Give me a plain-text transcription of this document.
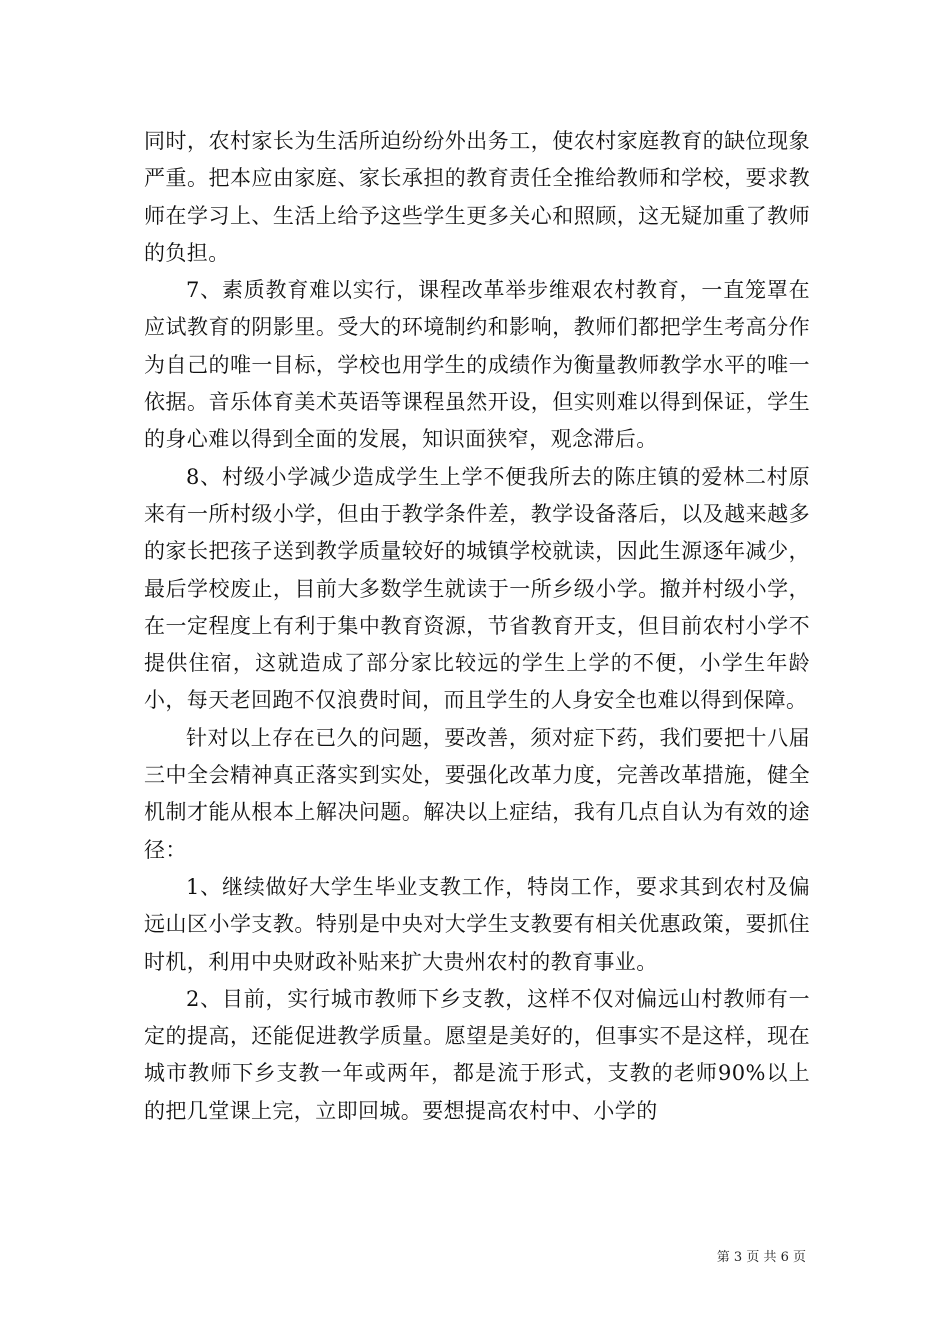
同时，农村家长为生活所迫纷纷外出务工，使农村家庭教育的缺位现象严重。把本应由家庭、家长承担的教育责任全推给教师和学校，要求教师在学习上、生活上给予这些学生更多关心和照顾，这无疑加重了教师的负担。

7、素质教育难以实行，课程改革举步维艰农村教育，一直笼罩在应试教育的阴影里。受大的环境制约和影响，教师们都把学生考高分作为自己的唯一目标，学校也用学生的成绩作为衡量教师教学水平的唯一依据。音乐体育美术英语等课程虽然开设，但实则难以得到保证，学生的身心难以得到全面的发展，知识面狭窄，观念滞后。

8、村级小学减少造成学生上学不便我所去的陈庄镇的爱林二村原来有一所村级小学，但由于教学条件差，教学设备落后，以及越来越多的家长把孩子送到教学质量较好的城镇学校就读，因此生源逐年减少，最后学校废止，目前大多数学生就读于一所乡级小学。撤并村级小学，在一定程度上有利于集中教育资源，节省教育开支，但目前农村小学不提供住宿，这就造成了部分家比较远的学生上学的不便，小学生年龄小，每天老回跑不仅浪费时间，而且学生的人身安全也难以得到保障。

针对以上存在已久的问题，要改善，须对症下药，我们要把十八届三中全会精神真正落实到实处，要强化改革力度，完善改革措施，健全机制才能从根本上解决问题。解决以上症结，我有几点自认为有效的途径：

1、继续做好大学生毕业支教工作，特岗工作，要求其到农村及偏远山区小学支教。特别是中央对大学生支教要有相关优惠政策，要抓住时机，利用中央财政补贴来扩大贵州农村的教育事业。

2、目前，实行城市教师下乡支教，这样不仅对偏远山村教师有一定的提高，还能促进教学质量。愿望是美好的，但事实不是这样，现在城市教师下乡支教一年或两年，都是流于形式，支教的老师90%以上的把几堂课上完，立即回城。要想提高农村中、小学的

第 3 页 共 6 页
